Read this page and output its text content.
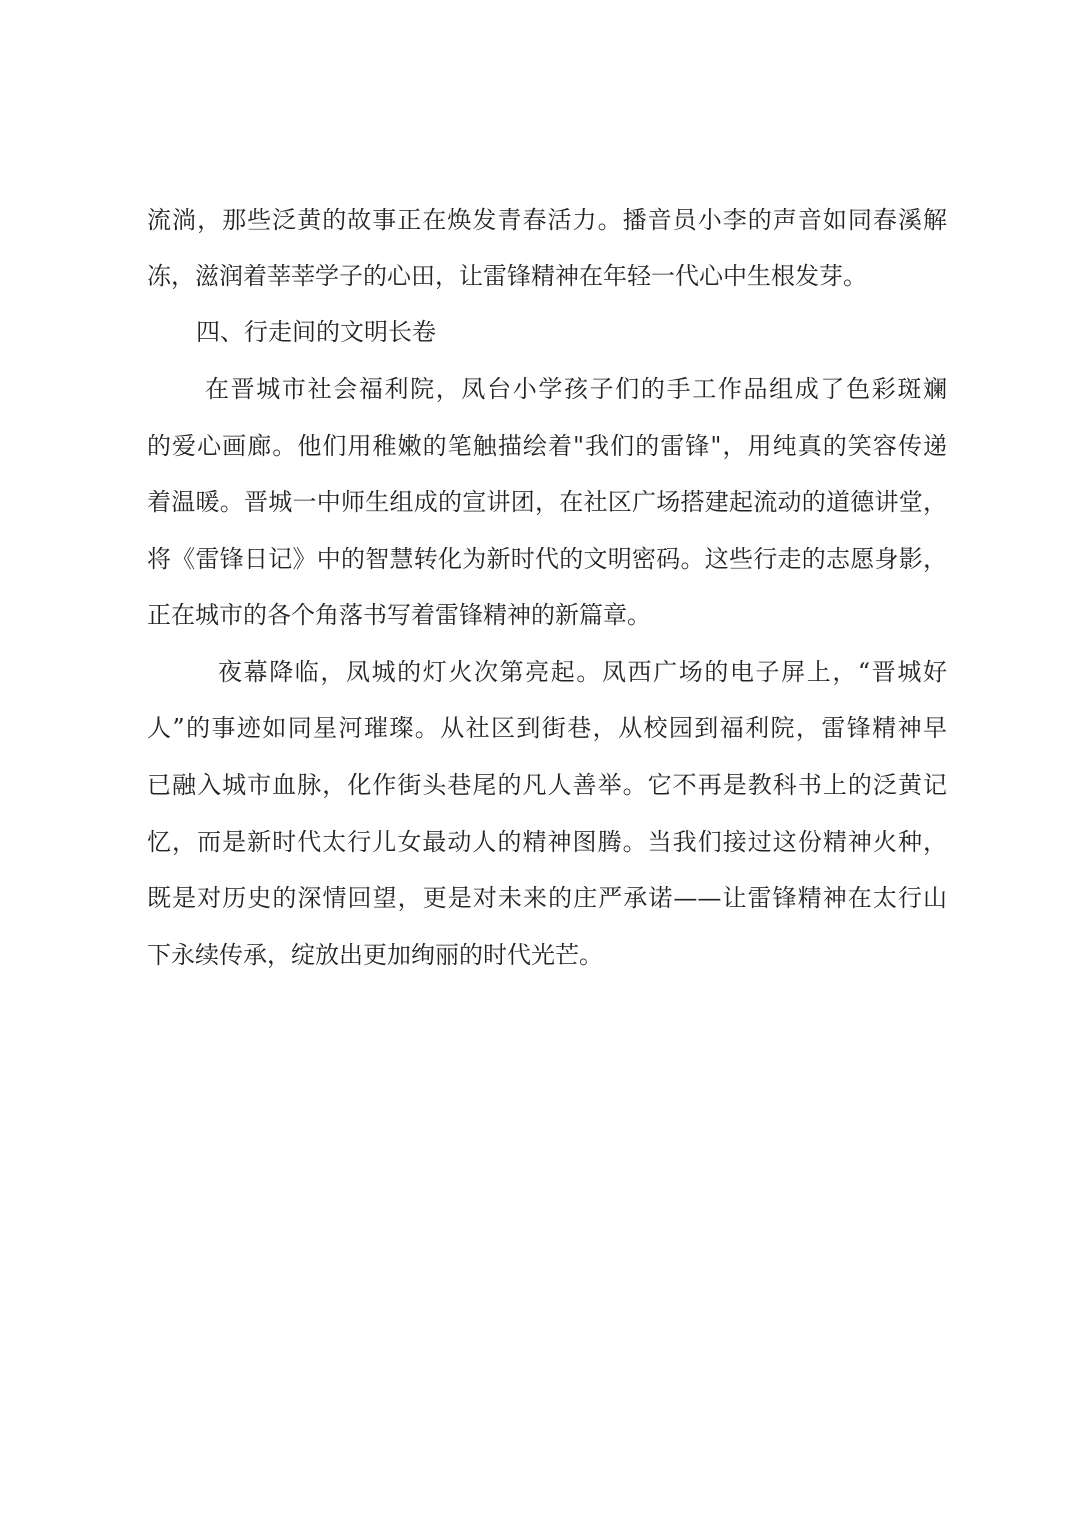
流淌，那些泛黄的故事正在焕发青春活力。播音员小李的声音如同春溪解
冻，滋润着莘莘学子的心田，让雷锋精神在年轻一代心中生根发芽。
四、行走间的文明长卷
在晋城市社会福利院，凤台小学孩子们的手工作品组成了色彩斑斓
的爱心画廊。他们用稚嫩的笔触描绘着"我们的雷锋"，用纯真的笑容传递
着温暖。晋城一中师生组成的宣讲团，在社区广场搭建起流动的道德讲堂，
将《雷锋日记》中的智慧转化为新时代的文明密码。这些行走的志愿身影，
正在城市的各个角落书写着雷锋精神的新篇章。
夜幕降临，凤城的灯火次第亮起。凤西广场的电子屏上，“晋城好
人”的事迹如同星河璀璨。从社区到街巷，从校园到福利院，雷锋精神早
已融入城市血脉，化作街头巷尾的凡人善举。它不再是教科书上的泛黄记
忆，而是新时代太行儿女最动人的精神图腾。当我们接过这份精神火种，
既是对历史的深情回望，更是对未来的庄严承诺——让雷锋精神在太行山
下永续传承，绽放出更加绚丽的时代光芒。
